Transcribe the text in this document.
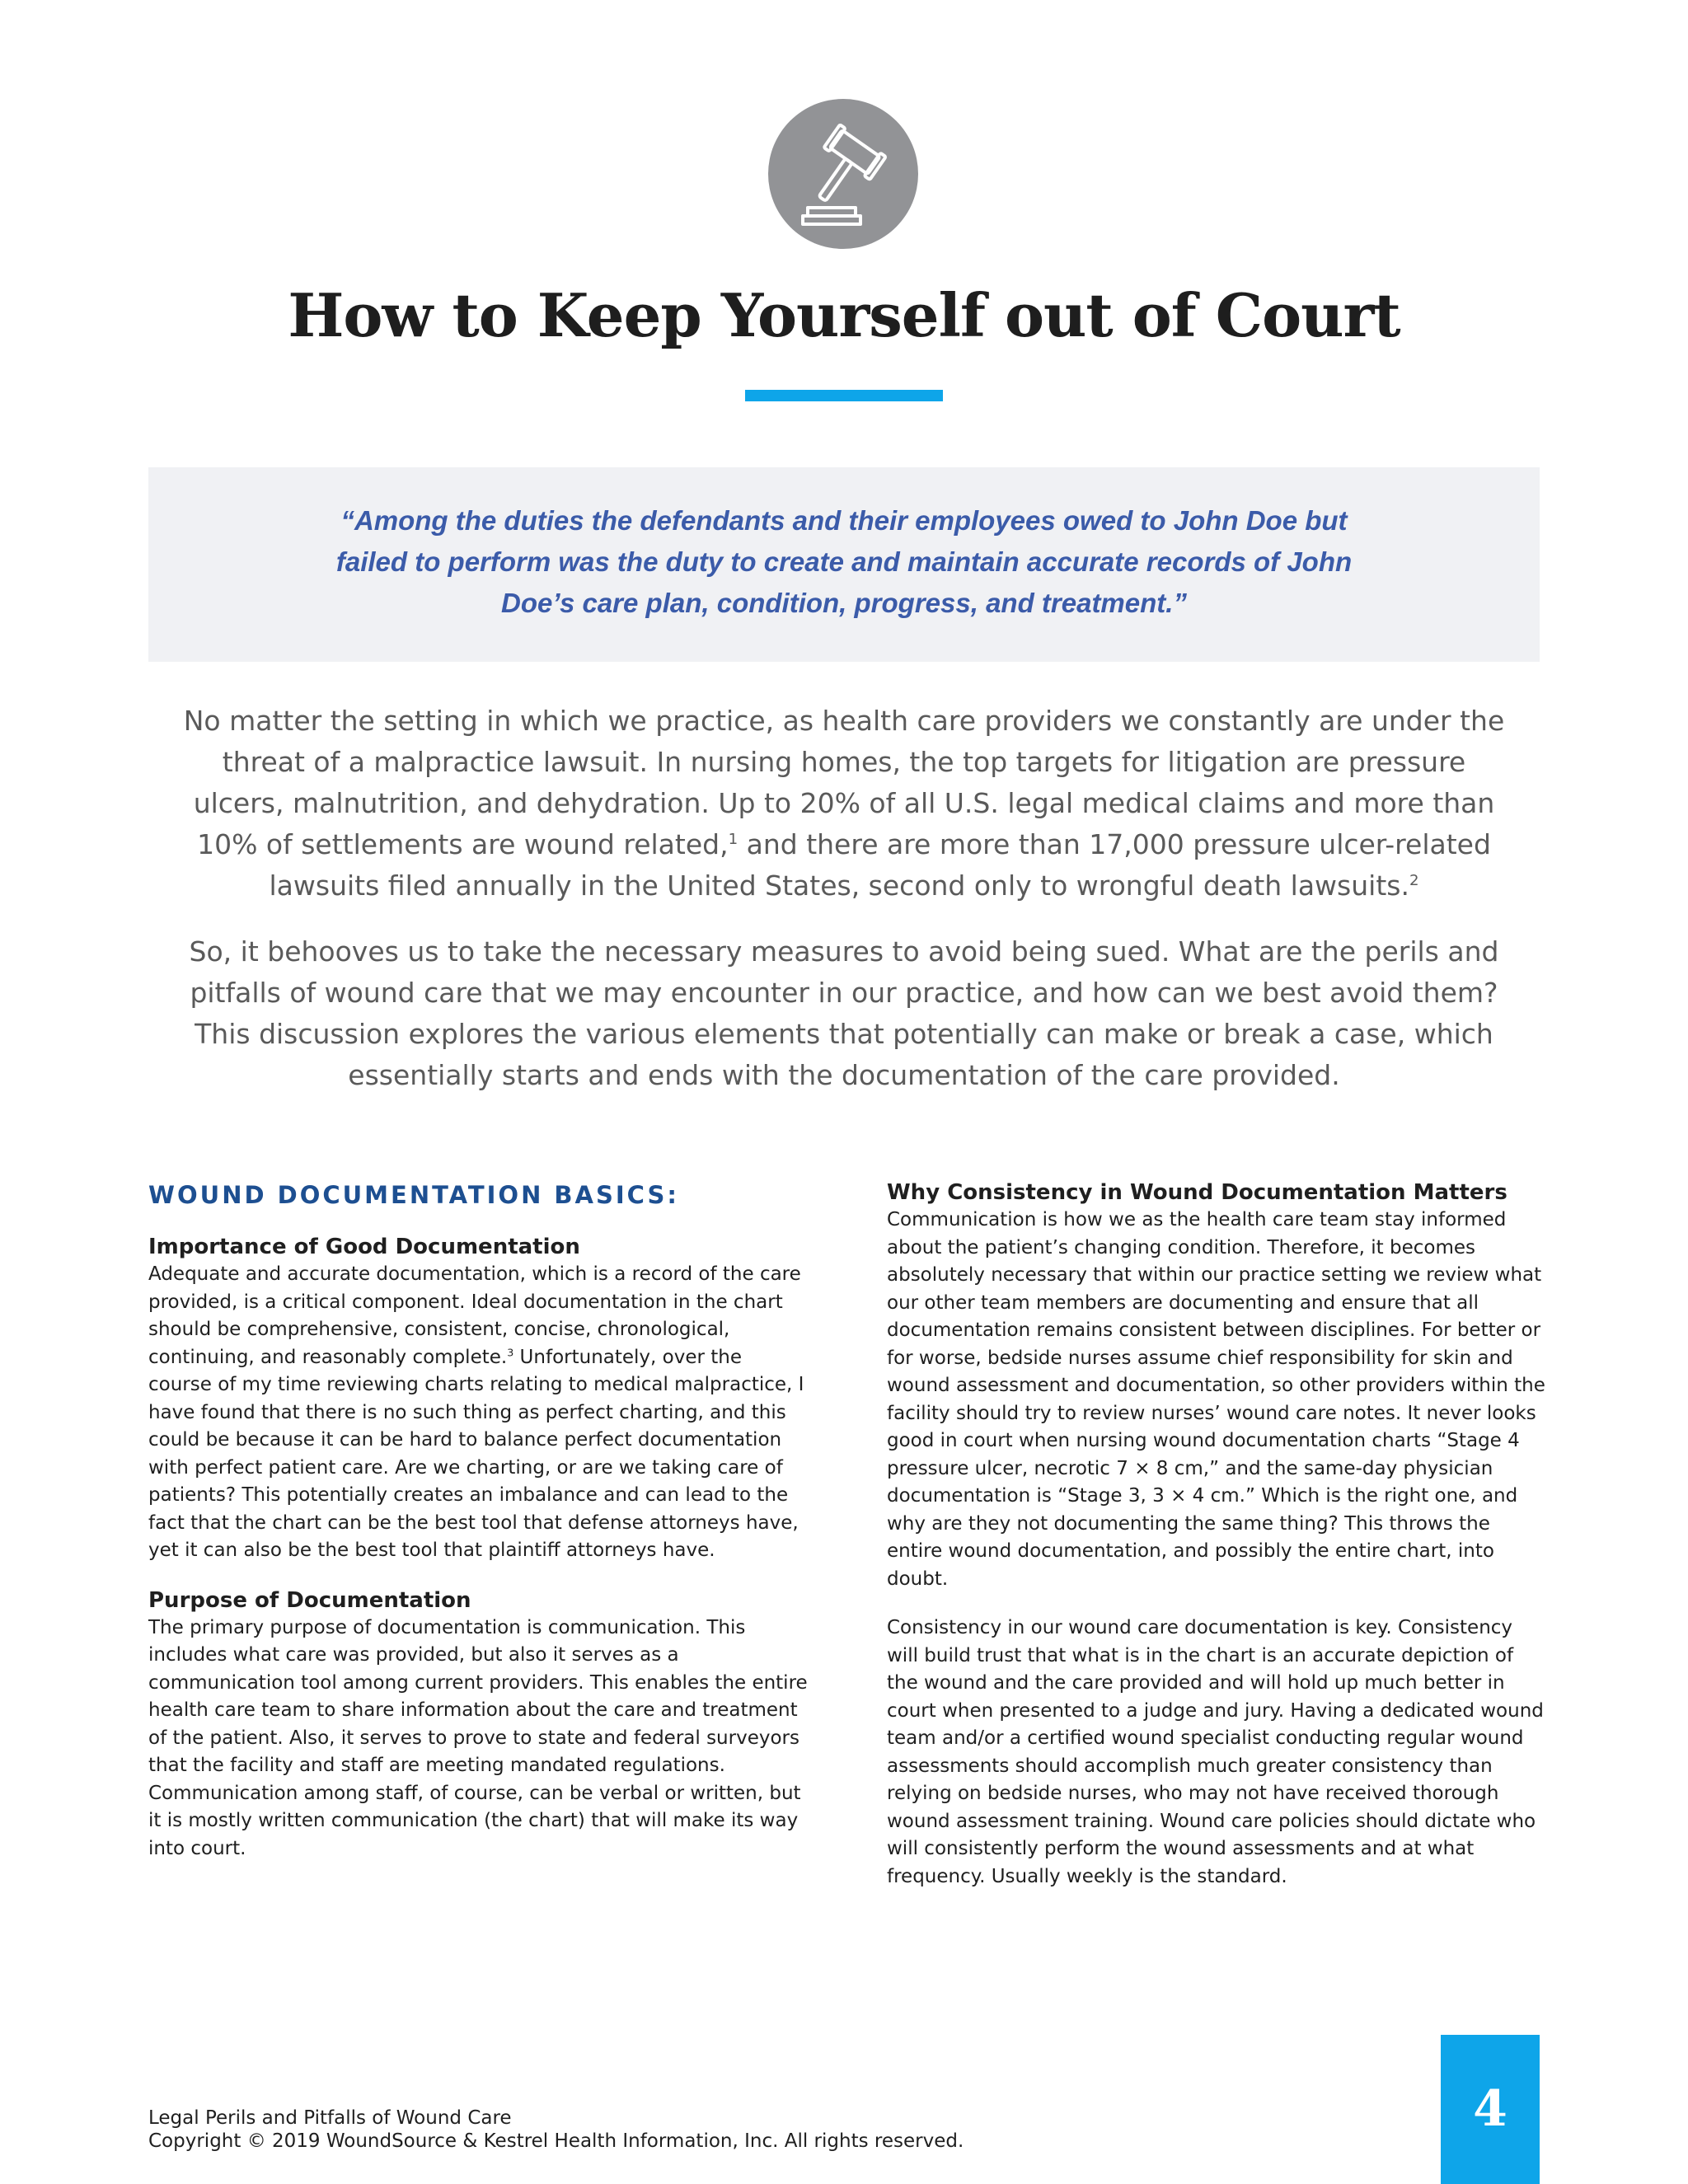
How to Keep Yourself out of Court

“Among the duties the defendants and their employees owed to John Doe but failed to perform was the duty to create and maintain accurate records of John Doe’s care plan, condition, progress, and treatment.”

No matter the setting in which we practice, as health care providers we constantly are under the threat of a malpractice lawsuit. In nursing homes, the top targets for litigation are pressure ulcers, malnutrition, and dehydration. Up to 20% of all U.S. legal medical claims and more than 10% of settlements are wound related,$^1$ and there are more than 17,000 pressure ulcer-related lawsuits filed annually in the United States, second only to wrongful death lawsuits.$^2$

So, it behooves us to take the necessary measures to avoid being sued. What are the perils and pitfalls of wound care that we may encounter in our practice, and how can we best avoid them? This discussion explores the various elements that potentially can make or break a case, which essentially starts and ends with the documentation of the care provided.

WOUND DOCUMENTATION BASICS:
Importance of Good Documentation

Adequate and accurate documentation, which is a record of the care provided, is a critical component. Ideal documentation in the chart should be comprehensive, consistent, concise, chronological, continuing, and reasonably complete.$^3$ Unfortunately, over the course of my time reviewing charts relating to medical malpractice, I have found that there is no such thing as perfect charting, and this could be because it can be hard to balance perfect documentation with perfect patient care. Are we charting, or are we taking care of patients? This potentially creates an imbalance and can lead to the fact that the chart can be the best tool that defense attorneys have, yet it can also be the best tool that plaintiff attorneys have.

Purpose of Documentation

The primary purpose of documentation is communication. This includes what care was provided, but also it serves as a communication tool among current providers. This enables the entire health care team to share information about the care and treatment of the patient. Also, it serves to prove to state and federal surveyors that the facility and staff are meeting mandated regulations. Communication among staff, of course, can be verbal or written, but it is mostly written communication (the chart) that will make its way into court.

Why Consistency in Wound Documentation Matters

Communication is how we as the health care team stay informed about the patient’s changing condition. Therefore, it becomes absolutely necessary that within our practice setting we review what our other team members are documenting and ensure that all documentation remains consistent between disciplines. For better or for worse, bedside nurses assume chief responsibility for skin and wound assessment and documentation, so other providers within the facility should try to review nurses’ wound care notes. It never looks good in court when nursing wound documentation charts “Stage 4 pressure ulcer, necrotic 7 × 8 cm,” and the same-day physician documentation is “Stage 3, 3 × 4 cm.” Which is the right one, and why are they not documenting the same thing? This throws the entire wound documentation, and possibly the entire chart, into doubt.

Consistency in our wound care documentation is key. Consistency will build trust that what is in the chart is an accurate depiction of the wound and the care provided and will hold up much better in court when presented to a judge and jury. Having a dedicated wound team and/or a certified wound specialist conducting regular wound assessments should accomplish much greater consistency than relying on bedside nurses, who may not have received thorough wound assessment training. Wound care policies should dictate who will consistently perform the wound assessments and at what frequency. Usually weekly is the standard.

Legal Perils and Pitfalls of Wound Care
Copyright © 2019 WoundSource & Kestrel Health Information, Inc. All rights reserved.
4
